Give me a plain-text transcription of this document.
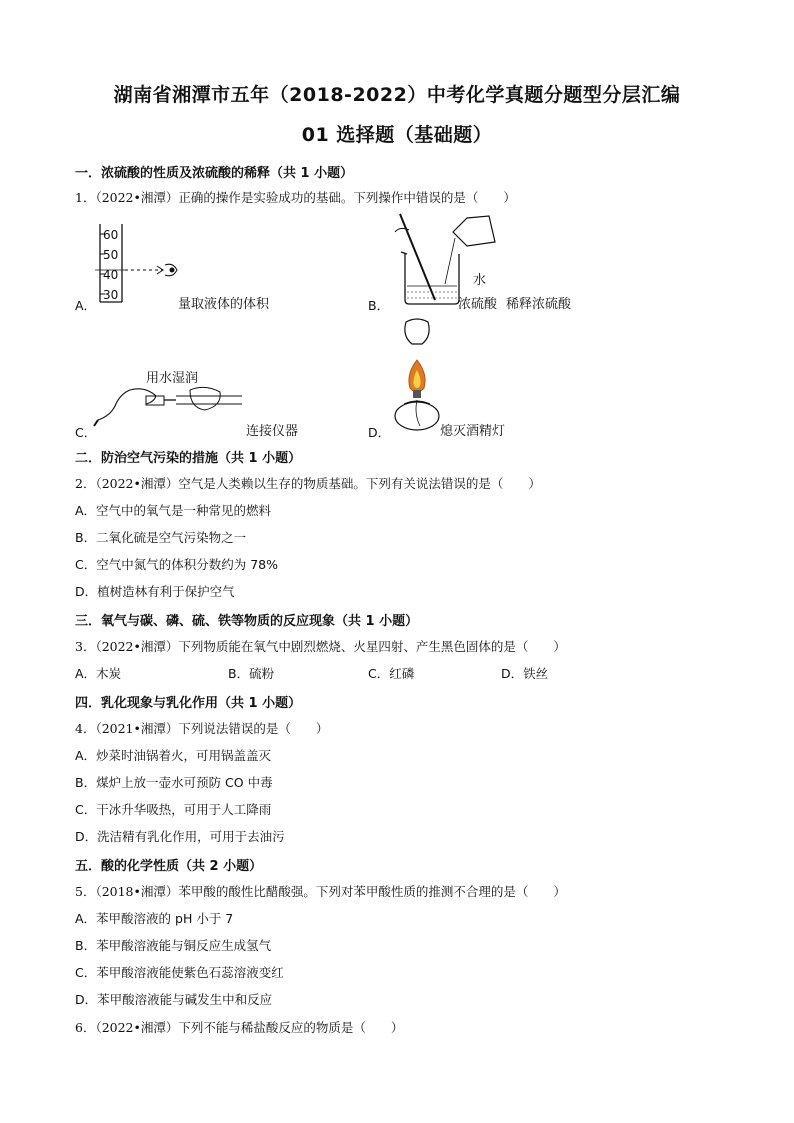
湖南省湘潭市五年（2018-2022）中考化学真题分题型分层汇编
01 选择题（基础题）
一．浓硫酸的性质及浓硫酸的稀释（共 1 小题）
1．（2022•湘潭）正确的操作是实验成功的基础。下列操作中错误的是（　　）
60
50
40
30
A．	量取液体的体积
水
浓硫酸
B．	稀释浓硫酸
用水湿润
C．	连接仪器	D．	熄灭酒精灯
二．防治空气污染的措施（共 1 小题）
2．（2022•湘潭）空气是人类赖以生存的物质基础。下列有关说法错误的是（　　）
A．空气中的氧气是一种常见的燃料
B．二氧化硫是空气污染物之一
C．空气中氮气的体积分数约为 78%
D．植树造林有利于保护空气
三．氧气与碳、磷、硫、铁等物质的反应现象（共 1 小题）
3．（2022•湘潭）下列物质能在氧气中剧烈燃烧、火星四射、产生黑色固体的是（　　）
A．木炭	B．硫粉	C．红磷	D．铁丝
四．乳化现象与乳化作用（共 1 小题）
4．（2021•湘潭）下列说法错误的是（　　）
A．炒菜时油锅着火，可用锅盖盖灭
B．煤炉上放一壶水可预防 CO 中毒
C．干冰升华吸热，可用于人工降雨
D．洗洁精有乳化作用，可用于去油污
五．酸的化学性质（共 2 小题）
5．（2018•湘潭）苯甲酸的酸性比醋酸强。下列对苯甲酸性质的推测不合理的是（　　）
A．苯甲酸溶液的 pH 小于 7
B．苯甲酸溶液能与铜反应生成氢气
C．苯甲酸溶液能使紫色石蕊溶液变红
D．苯甲酸溶液能与碱发生中和反应
6．（2022•湘潭）下列不能与稀盐酸反应的物质是（　　）
